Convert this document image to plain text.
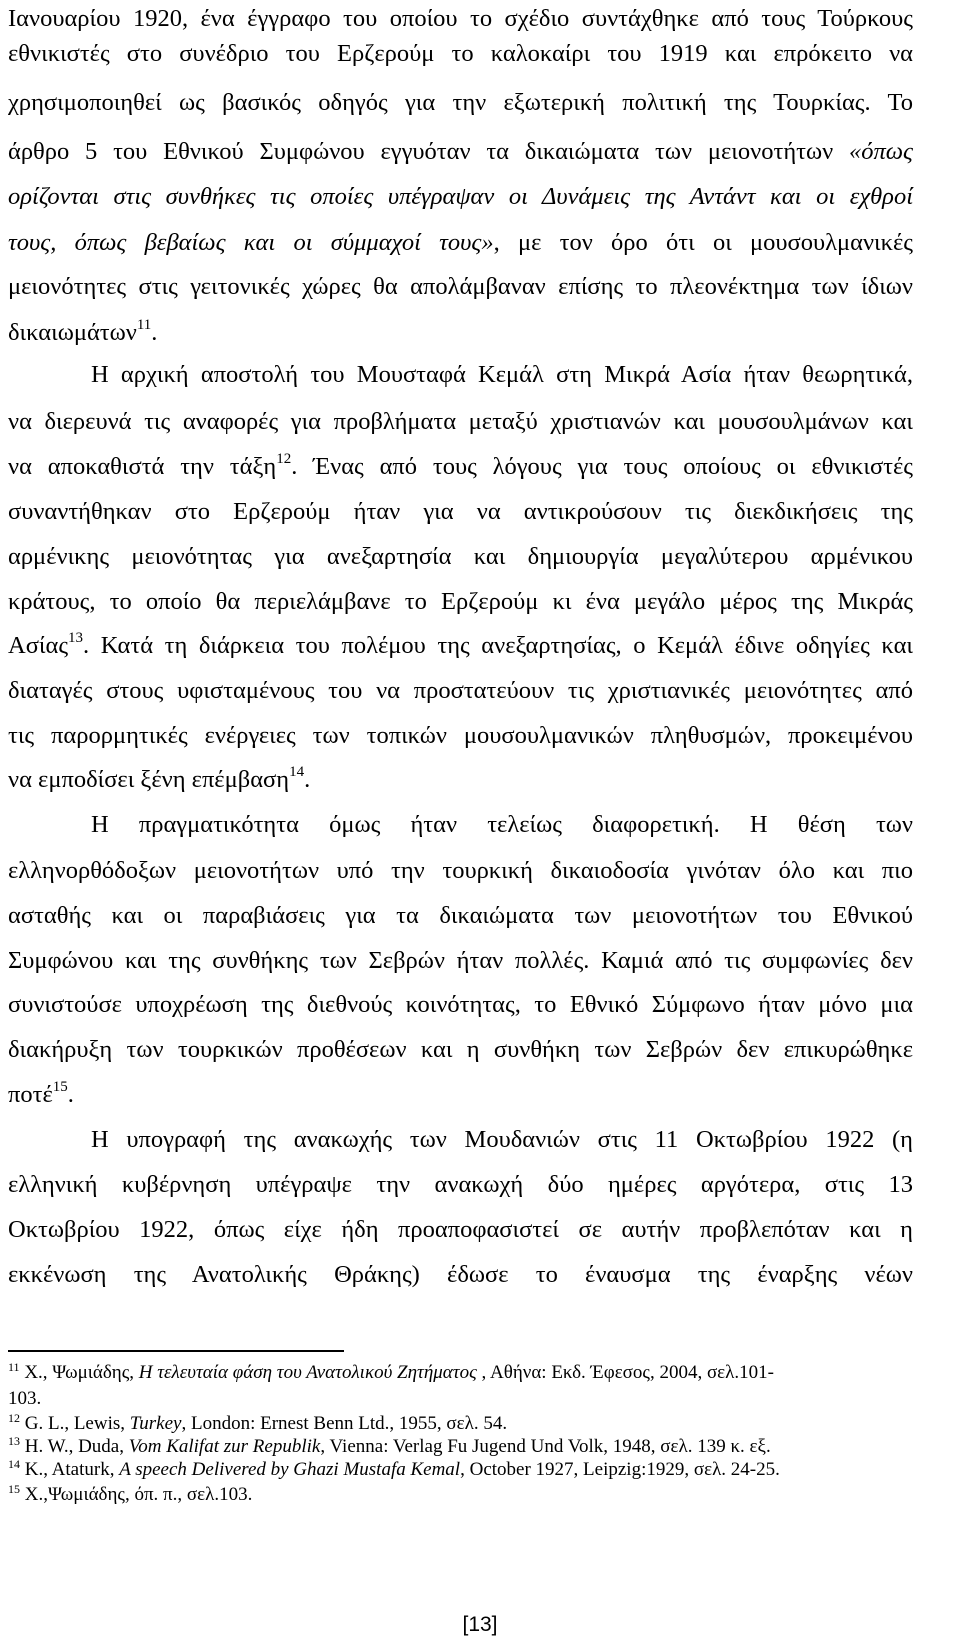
Ιανουαρίου 1920, ένα έγγραφο του οποίου το σχέδιο συντάχθηκε από τους Τούρκους
εθνικιστές στο συνέδριο του Ερζερούμ το καλοκαίρι του 1919 και επρόκειτο να
χρησιμοποιηθεί ως βασικός οδηγός για την εξωτερική πολιτική της Τουρκίας. Το
άρθρο 5 του Εθνικού Συμφώνου εγγυόταν τα δικαιώματα των μειονοτήτων «όπως
ορίζονται στις συνθήκες τις οποίες υπέγραψαν οι Δυνάμεις της Αντάντ και οι εχθροί
τους, όπως βεβαίως και οι σύμμαχοί τους», με τον όρο ότι οι μουσουλμανικές
μειονότητες στις γειτονικές χώρες θα απολάμβαναν επίσης το πλεονέκτημα των ίδιων
δικαιωμάτων$^{11}$.
Η αρχική αποστολή του Μουσταφά Κεμάλ στη Μικρά Ασία ήταν θεωρητικά,
να διερευνά τις αναφορές για προβλήματα μεταξύ χριστιανών και μουσουλμάνων και
να αποκαθιστά την τάξη$^{12}$. Ένας από τους λόγους για τους οποίους οι εθνικιστές
συναντήθηκαν στο Ερζερούμ ήταν για να αντικρούσουν τις διεκδικήσεις της
αρμένικης μειονότητας για ανεξαρτησία και δημιουργία μεγαλύτερου αρμένικου
κράτους, το οποίο θα περιελάμβανε το Ερζερούμ κι ένα μεγάλο μέρος της Μικράς
Ασίας$^{13}$. Κατά τη διάρκεια του πολέμου της ανεξαρτησίας, ο Κεμάλ έδινε οδηγίες και
διαταγές στους υφισταμένους του να προστατεύουν τις χριστιανικές μειονότητες από
τις παρορμητικές ενέργειες των τοπικών μουσουλμανικών πληθυσμών, προκειμένου
να εμποδίσει ξένη επέμβαση$^{14}$.
Η πραγματικότητα όμως ήταν τελείως διαφορετική. Η θέση των
ελληνορθόδοξων μειονοτήτων υπό την τουρκική δικαιοδοσία γινόταν όλο και πιο
ασταθής και οι παραβιάσεις για τα δικαιώματα των μειονοτήτων του Εθνικού
Συμφώνου και της συνθήκης των Σεβρών ήταν πολλές. Καμιά από τις συμφωνίες δεν
συνιστούσε υποχρέωση της διεθνούς κοινότητας, το Εθνικό Σύμφωνο ήταν μόνο μια
διακήρυξη των τουρκικών προθέσεων και η συνθήκη των Σεβρών δεν επικυρώθηκε
ποτέ$^{15}$.
Η υπογραφή της ανακωχής των Μουδανιών στις 11 Οκτωβρίου 1922 (η
ελληνική κυβέρνηση υπέγραψε την ανακωχή δύο ημέρες αργότερα, στις 13
Οκτωβρίου 1922, όπως είχε ήδη προαποφασιστεί σε αυτήν προβλεπόταν και η
εκκένωση της Ανατολικής Θράκης) έδωσε το έναυσμα της έναρξης νέων
$^{11}$ Χ., Ψωμιάδης, Η τελευταία φάση του Ανατολικού Ζητήματος , Αθήνα: Εκδ. Έφεσος, 2004, σελ.101-
103.
$^{12}$ G. L., Lewis, Turkey, London: Ernest Benn Ltd., 1955, σελ. 54.
$^{13}$ H. W., Duda, Vom Kalifat zur Republik, Vienna: Verlag Fu Jugend Und Volk, 1948, σελ. 139 κ. εξ.
$^{14}$ K., Ataturk, A speech Delivered by Ghazi Mustafa Kemal, October 1927, Leipzig:1929, σελ. 24-25.
$^{15}$ Χ.,Ψωμιάδης, όπ. π., σελ.103.
[13]
